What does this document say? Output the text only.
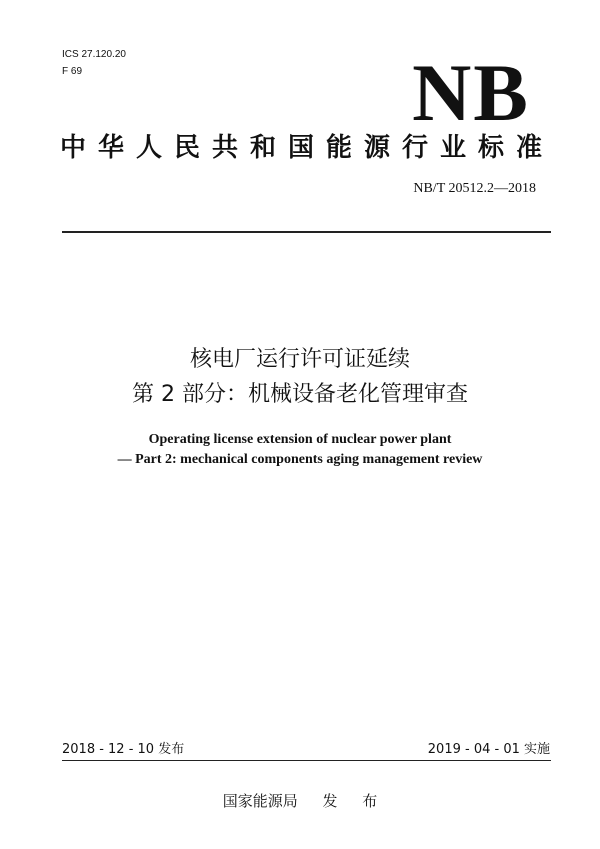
ICS 27.120.20
F 69	NB
中华人民共和国能源行业标准
NB/T 20512.2—2018
核电厂运行许可证延续
第 2 部分：机械设备老化管理审查
Operating license extension of nuclear power plant
— Part 2: mechanical components aging management review
2018 - 12 - 10 发布	2019 - 04 - 01 实施
国家能源局 发 布
